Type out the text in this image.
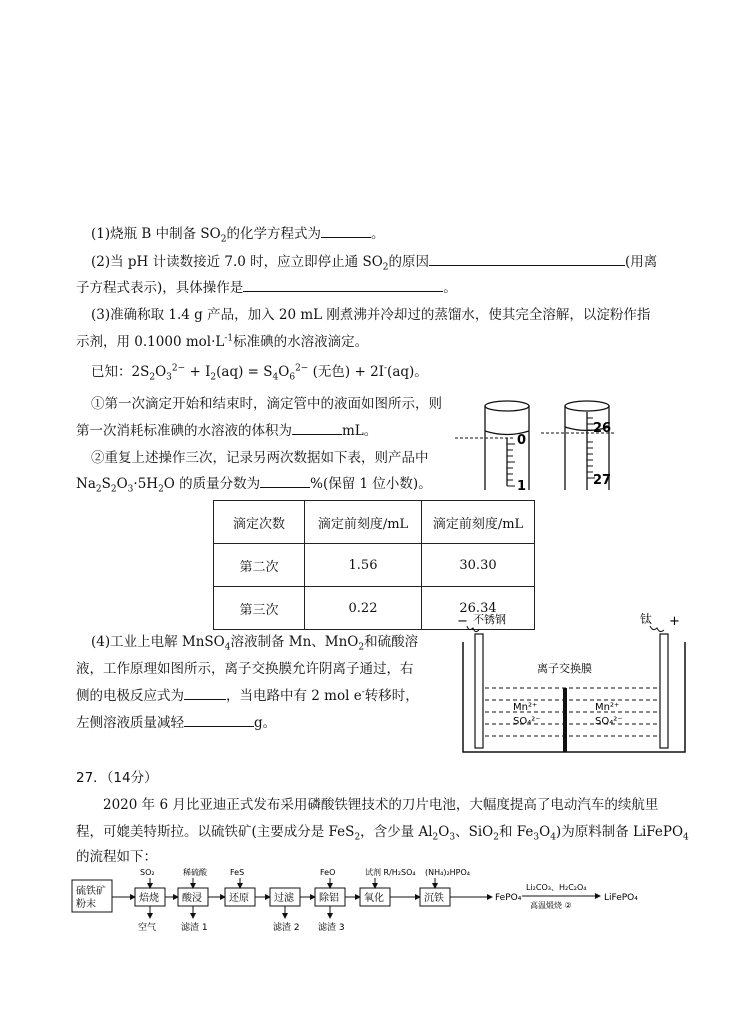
(1)烧瓶 B 中制备 $SO_2$的化学方程式为	。
(2)当 pH 计读数接近 7.0 时，应立即停止通 $SO_2$的原因	(用离
子方程式表示)，具体操作是	。
(3)准确称取 1.4 g 产品，加入 20 mL 刚煮沸并冷却过的蒸馏水，使其完全溶解，以淀粉作指
示剂，用 0.1000 $mol\cdot L^{-1}$标准碘的水溶液滴定。
已知：$2S_2O_3^{2-} + I_2(aq) = S_4O_6^{2-}$ (无色) + 2I-(aq)。
①第一次滴定开始和结束时，滴定管中的液面如图所示，则
第一次消耗标准碘的水溶液的体积为	mL。
②重复上述操作三次，记录另两次数据如下表，则产品中
$Na_2S_2O_3\cdot 5H_2O$ 的质量分数为	%(保留 1 位小数)。
0
1
26
27
滴定次数	滴定前刻度/mL	滴定前刻度/mL
第二次	1.56	30.30
第三次	0.22	26.34
(4)工业上电解 MnSO$_4$溶液制备 Mn、MnO$_2$和硫酸溶
液，工作原理如图所示，离子交换膜允许阴离子通过，右
侧的电极反应式为	，当电路中有 2 mol e-转移时，
左侧溶液质量减轻	g。
− 不锈钢	钛 +
离子交换膜
Mn²⁺
SO₄²⁻
Mn²⁺
SO₄²⁻
27．（14分）
2020 年 6 月比亚迪正式发布采用磷酸铁锂技术的刀片电池，大幅度提高了电动汽车的续航里
程，可媲美特斯拉。以硫铁矿(主要成分是 FeS$_2$，含少量 $Al_2O_3$、SiO$_2$和 $Fe_3O_4$)为原料制备 LiFePO$_4$
的流程如下：
硫铁矿
粉末
焙烧
SO₂
空气
酸浸
稀硫酸
滤渣 1
还原
FeS
过滤
滤渣 2
除铝
FeO
滤渣 3
氧化
试剂 R/H₂SO₄
沉铁
(NH₄)₂HPO₄
FePO₄
Li₂CO₃、H₂C₂O₄
高温煅烧 ②
LiFePO₄
